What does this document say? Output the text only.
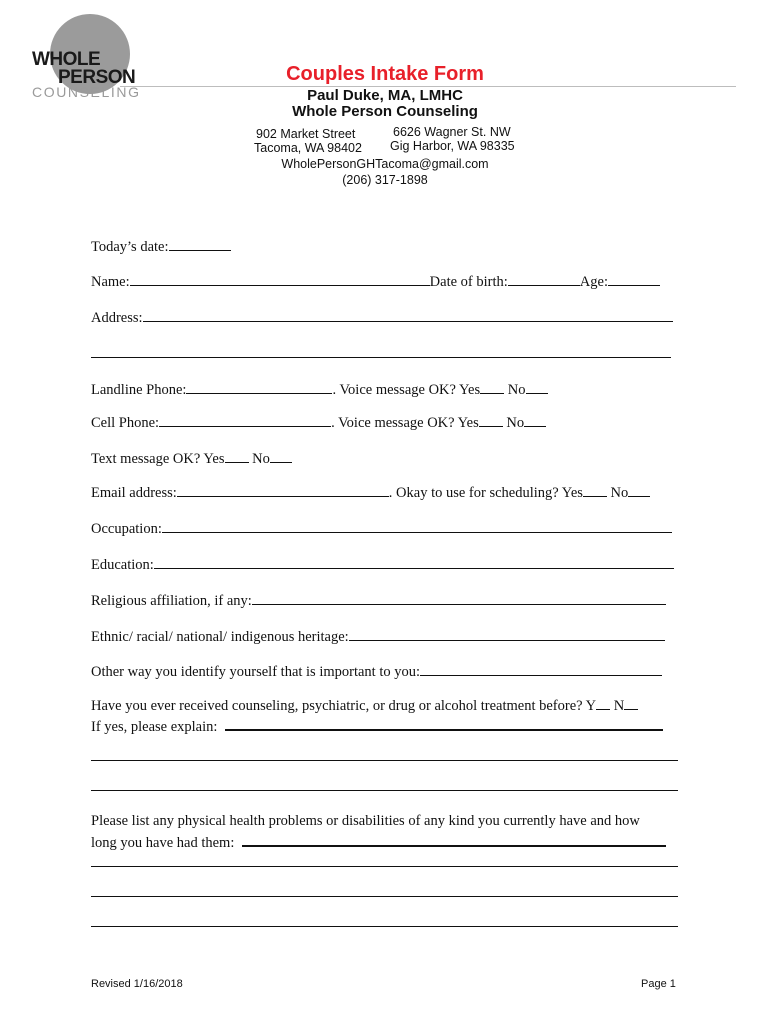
WHOLE
PERSON
COUNSELING
Couples Intake Form
Paul Duke, MA, LMHC
Whole Person Counseling
902 Market Street
Tacoma, WA 98402
6626 Wagner St. NW
Gig Harbor, WA 98335
WholePersonGHTacoma@gmail.com
(206) 317-1898
Today’s date:
Name:	Date of birth:	Age:
Address:
Landline Phone:	. Voice message OK? Yes No
Cell Phone:	. Voice message OK? Yes No
Text message OK? Yes No
Email address:	. Okay to use for scheduling? Yes No
Occupation:
Education:
Religious affiliation, if any:
Ethnic/ racial/ national/ indigenous heritage:
Other way you identify yourself that is important to you:
Have you ever received counseling, psychiatric, or drug or alcohol treatment before? Y N
If yes, please explain:
Please list any physical health problems or disabilities of any kind you currently have and how
long you have had them:
Revised 1/16/2018	Page 1
